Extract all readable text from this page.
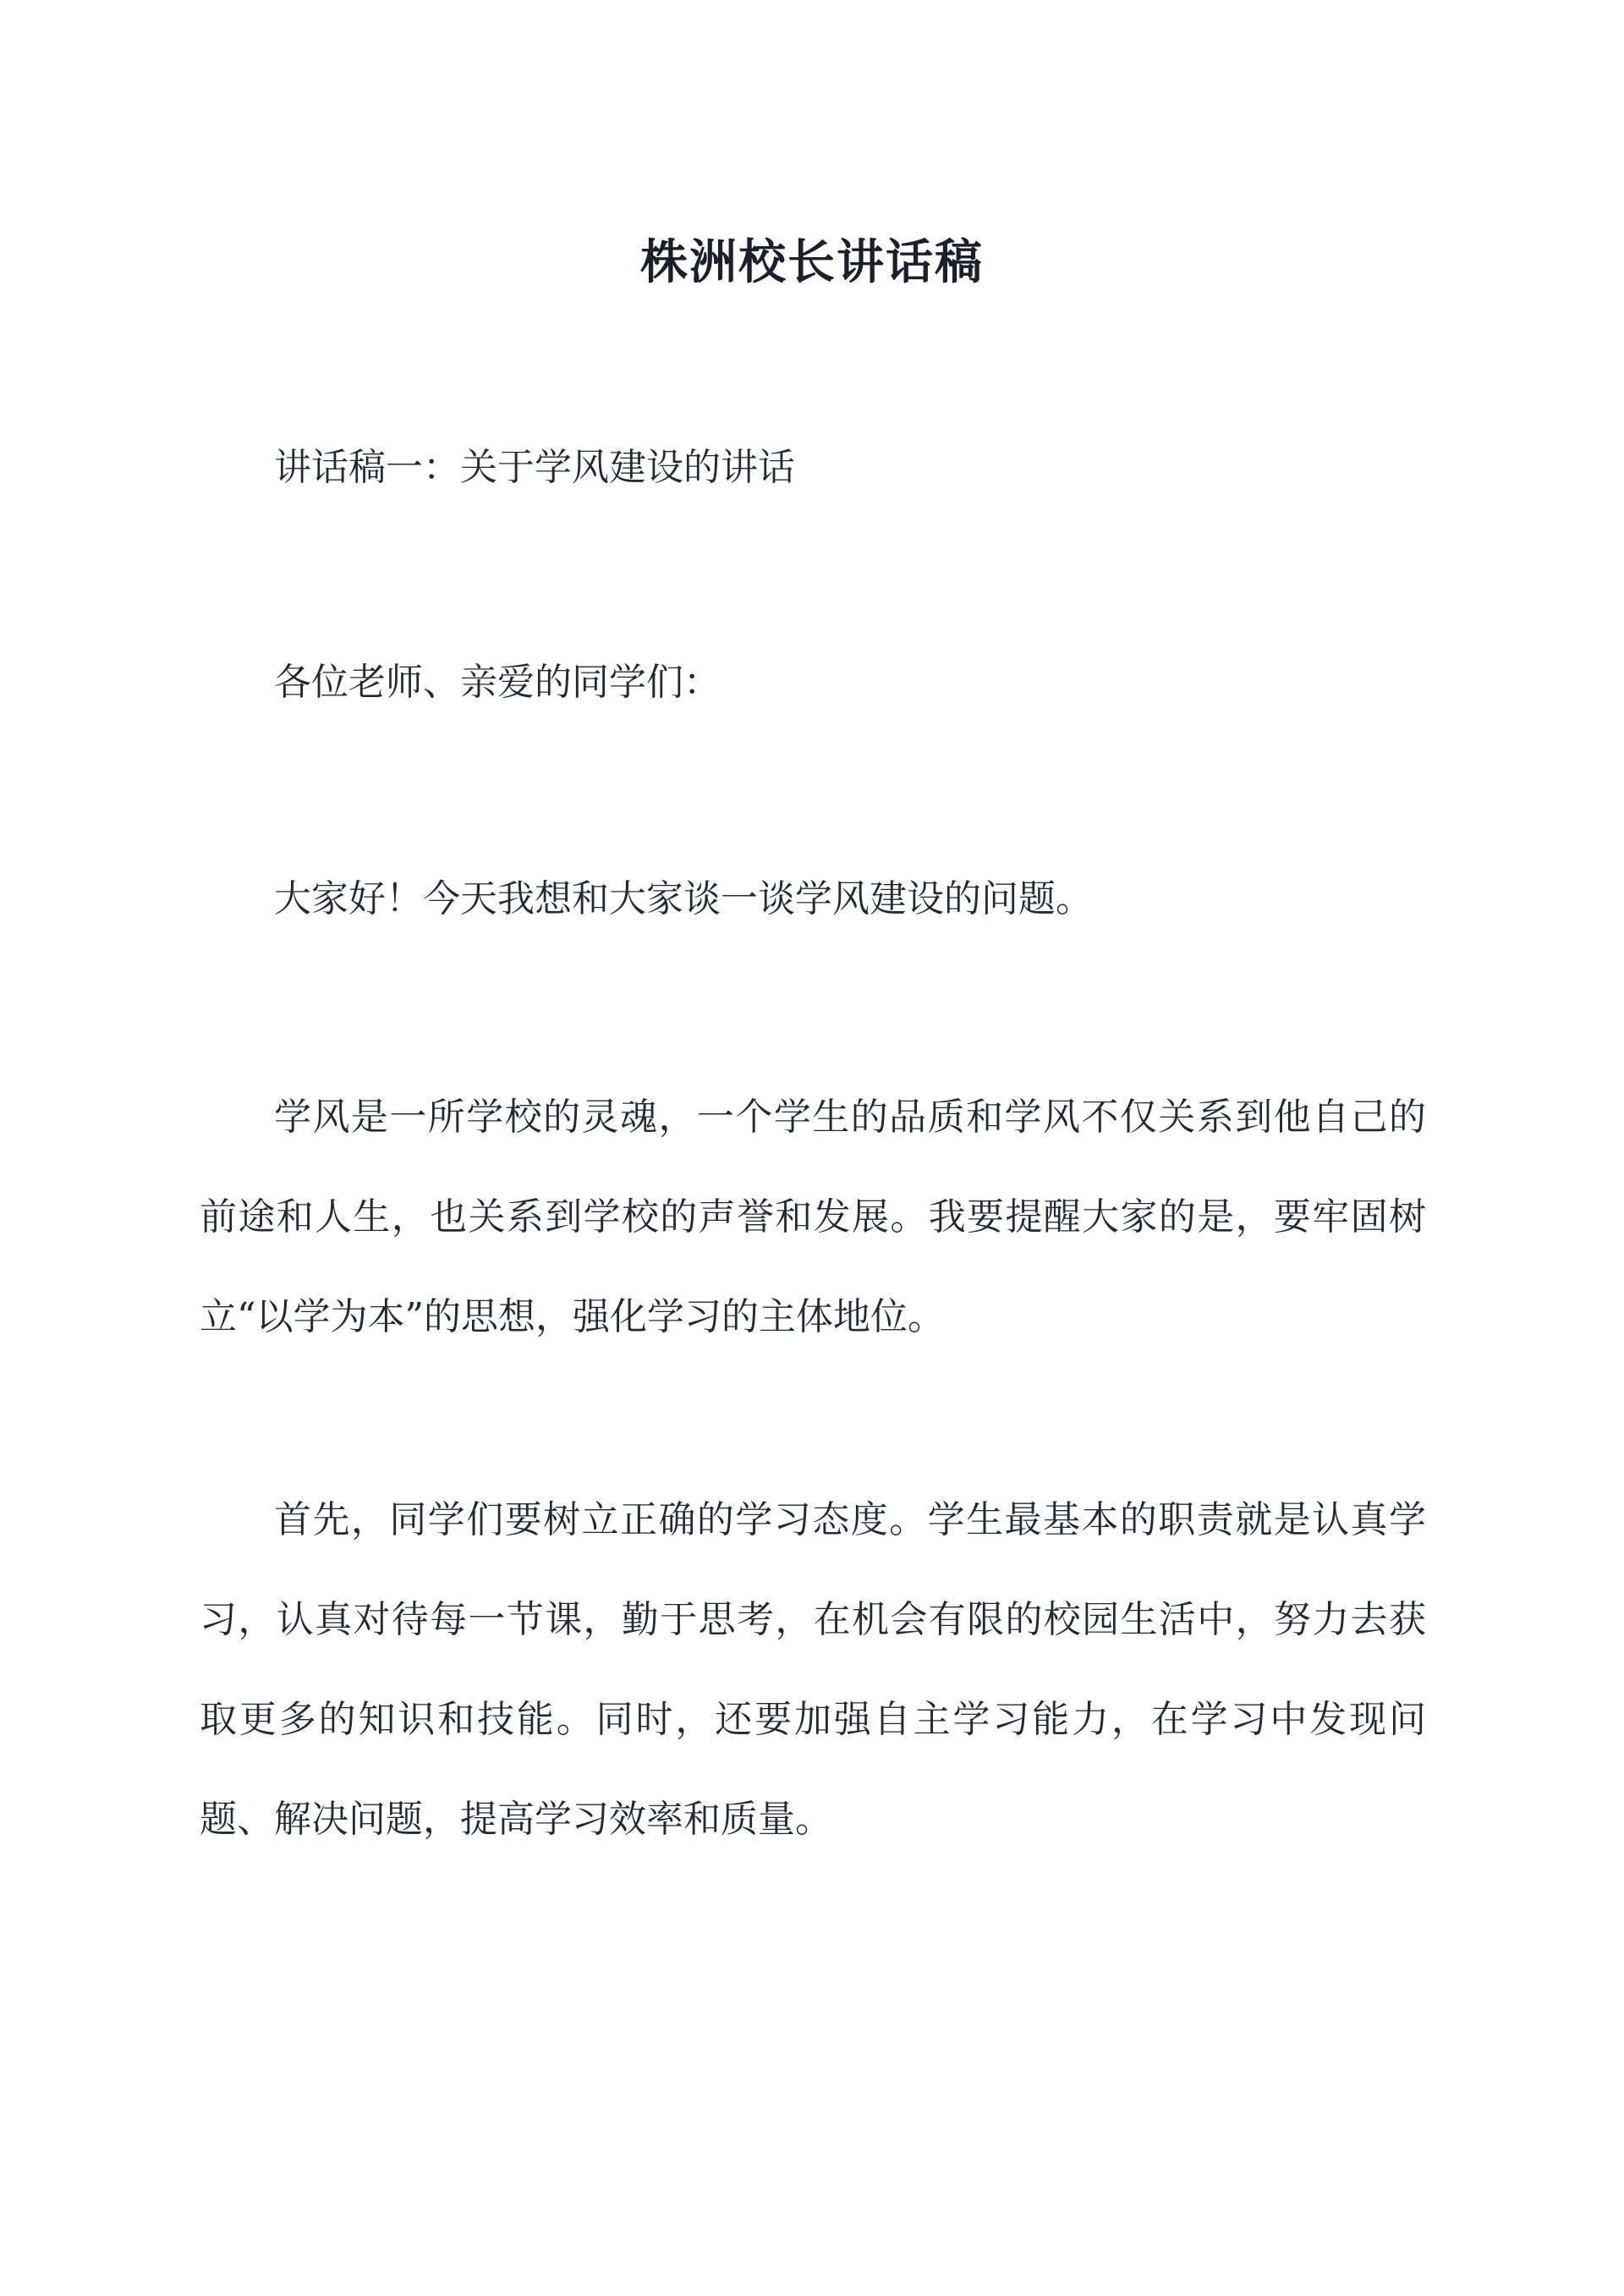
株洲校长讲话稿

讲话稿一：关于学风建设的讲话

各位老师、亲爱的同学们：

大家好！今天我想和大家谈一谈学风建设的问题。

学风是一所学校的灵魂，一个学生的品质和学风不仅关系到他自己的前途和人生，也关系到学校的声誉和发展。我要提醒大家的是，要牢固树立“以学为本”的思想，强化学习的主体地位。

首先，同学们要树立正确的学习态度。学生最基本的职责就是认真学习，认真对待每一节课，勤于思考，在机会有限的校园生活中，努力去获取更多的知识和技能。同时，还要加强自主学习能力，在学习中发现问题、解决问题，提高学习效率和质量。
